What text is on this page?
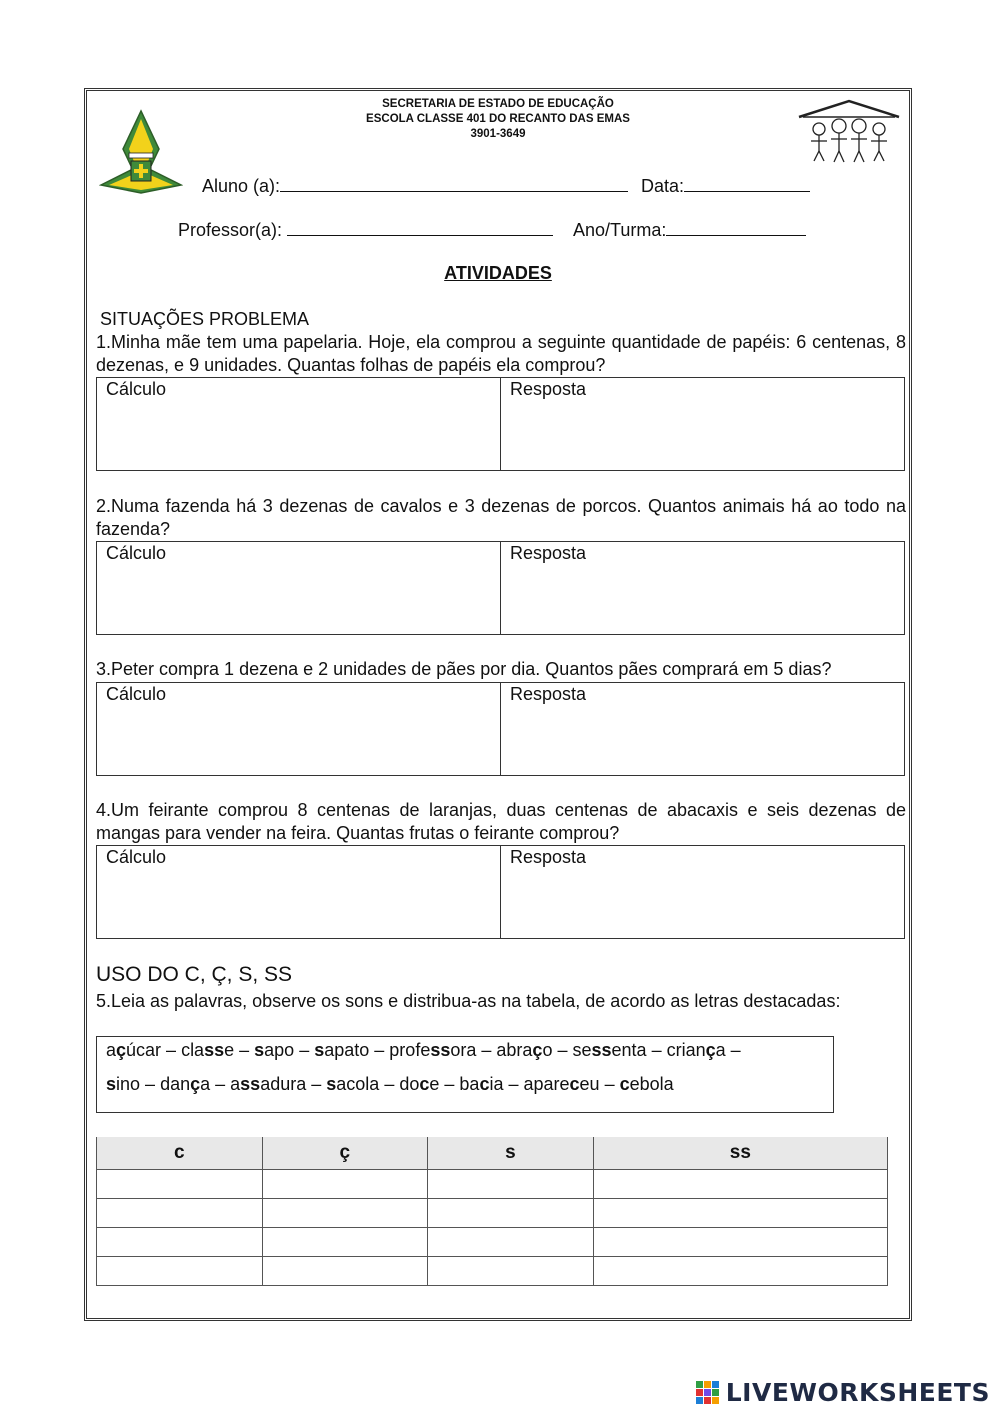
SECRETARIA DE ESTADO DE EDUCAÇÃO
ESCOLA CLASSE 401 DO RECANTO DAS EMAS
3901-3649
Aluno (a):	Data:
Professor(a):	Ano/Turma:
ATIVIDADES
SITUAÇÕES PROBLEMA
1.Minha mãe tem uma papelaria. Hoje, ela comprou a seguinte quantidade de papéis: 6 centenas, 8 dezenas, e 9 unidades. Quantas folhas de papéis ela comprou?
Cálculo	Resposta
2.Numa fazenda há 3 dezenas de cavalos e 3 dezenas de porcos. Quantos animais há ao todo na fazenda?
Cálculo	Resposta
3.Peter compra 1 dezena e 2 unidades de pães por dia. Quantos pães comprará em 5 dias?
Cálculo	Resposta
4.Um feirante comprou 8 centenas de laranjas, duas centenas de abacaxis e seis dezenas de mangas para vender na feira. Quantas frutas o feirante comprou?
Cálculo	Resposta
USO DO C, Ç, S, SS
5.Leia as palavras, observe os sons e distribua-as na tabela, de acordo as letras destacadas:
açúcar – classe – sapo – sapato – professora – abraço – sessenta – criança –
sino – dança – assadura – sacola – doce – bacia – apareceu – cebola
c	ç	s	ss

LIVEWORKSHEETS
